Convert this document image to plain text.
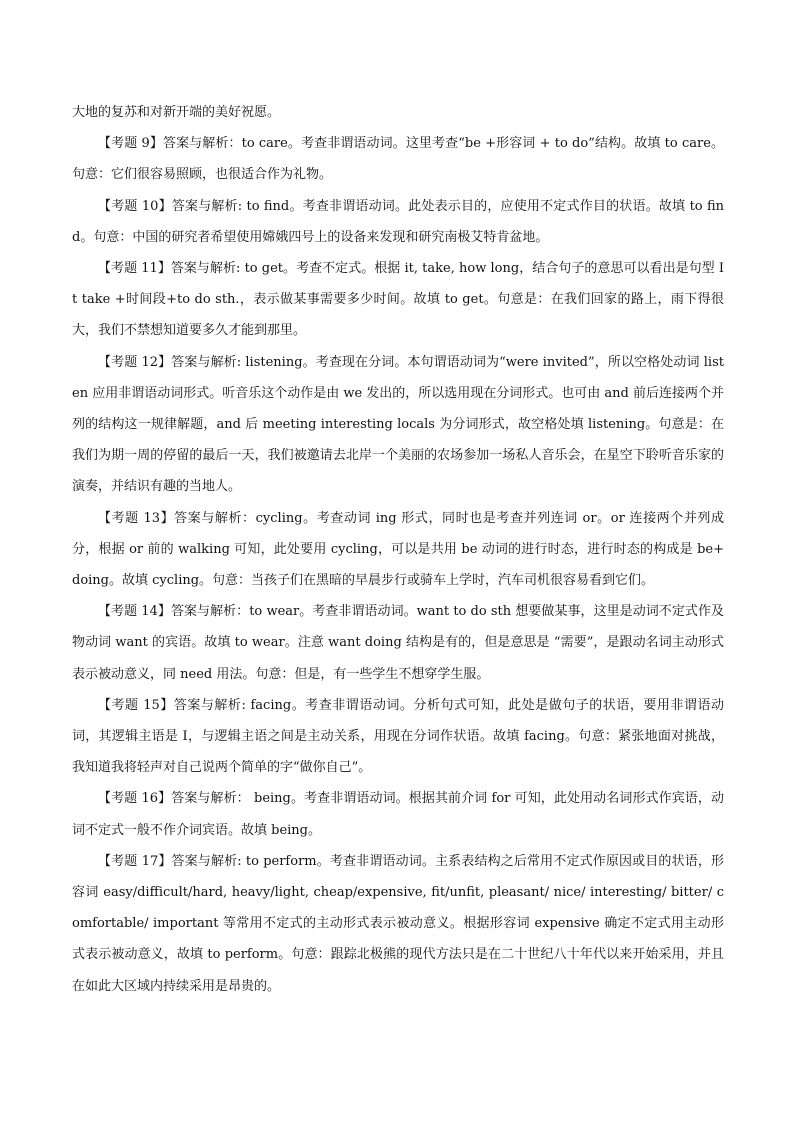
大地的复苏和对新开端的美好祝愿。

【考题 9】答案与解析：to care。考查非谓语动词。这里考查“be +形容词 + to do”结构。故填 to care。句意：它们很容易照顾，也很适合作为礼物。

【考题 10】答案与解析: to find。考查非谓语动词。此处表示目的，应使用不定式作目的状语。故填 to find。句意：中国的研究者希望使用嫦娥四号上的设备来发现和研究南极艾特肯盆地。

【考题 11】答案与解析: to get。考查不定式。根据 it, take, how long，结合句子的意思可以看出是句型 It take +时间段+to do sth.，表示做某事需要多少时间。故填 to get。句意是：在我们回家的路上，雨下得很大，我们不禁想知道要多久才能到那里。

【考题 12】答案与解析: listening。考查现在分词。本句谓语动词为“were invited”，所以空格处动词 listen 应用非谓语动词形式。听音乐这个动作是由 we 发出的，所以选用现在分词形式。也可由 and 前后连接两个并列的结构这一规律解题，and 后 meeting interesting locals 为分词形式，故空格处填 listening。句意是：在我们为期一周的停留的最后一天，我们被邀请去北岸一个美丽的农场参加一场私人音乐会，在星空下聆听音乐家的演奏，并结识有趣的当地人。

【考题 13】答案与解析：cycling。考查动词 ing 形式，同时也是考查并列连词 or。or 连接两个并列成分，根据 or 前的 walking 可知，此处要用 cycling，可以是共用 be 动词的进行时态，进行时态的构成是 be+doing。故填 cycling。句意：当孩子们在黑暗的早晨步行或骑车上学时，汽车司机很容易看到它们。

【考题 14】答案与解析：to wear。考查非谓语动词。want to do sth 想要做某事，这里是动词不定式作及物动词 want 的宾语。故填 to wear。注意 want doing 结构是有的，但是意思是 “需要”，是跟动名词主动形式表示被动意义，同 need 用法。句意：但是，有一些学生不想穿学生服。

【考题 15】答案与解析: facing。考查非谓语动词。分析句式可知，此处是做句子的状语，要用非谓语动词，其逻辑主语是 I，与逻辑主语之间是主动关系，用现在分词作状语。故填 facing。句意：紧张地面对挑战，我知道我将轻声对自己说两个简单的字“做你自己”。

【考题 16】答案与解析： being。考查非谓语动词。根据其前介词 for 可知，此处用动名词形式作宾语，动词不定式一般不作介词宾语。故填 being。

【考题 17】答案与解析: to perform。考查非谓语动词。主系表结构之后常用不定式作原因或目的状语，形容词 easy/difficult/hard, heavy/light, cheap/expensive, fit/unfit, pleasant/ nice/ interesting/ bitter/ comfortable/ important 等常用不定式的主动形式表示被动意义。根据形容词 expensive 确定不定式用主动形式表示被动意义，故填 to perform。句意：跟踪北极熊的现代方法只是在二十世纪八十年代以来开始采用，并且在如此大区域内持续采用是昂贵的。
